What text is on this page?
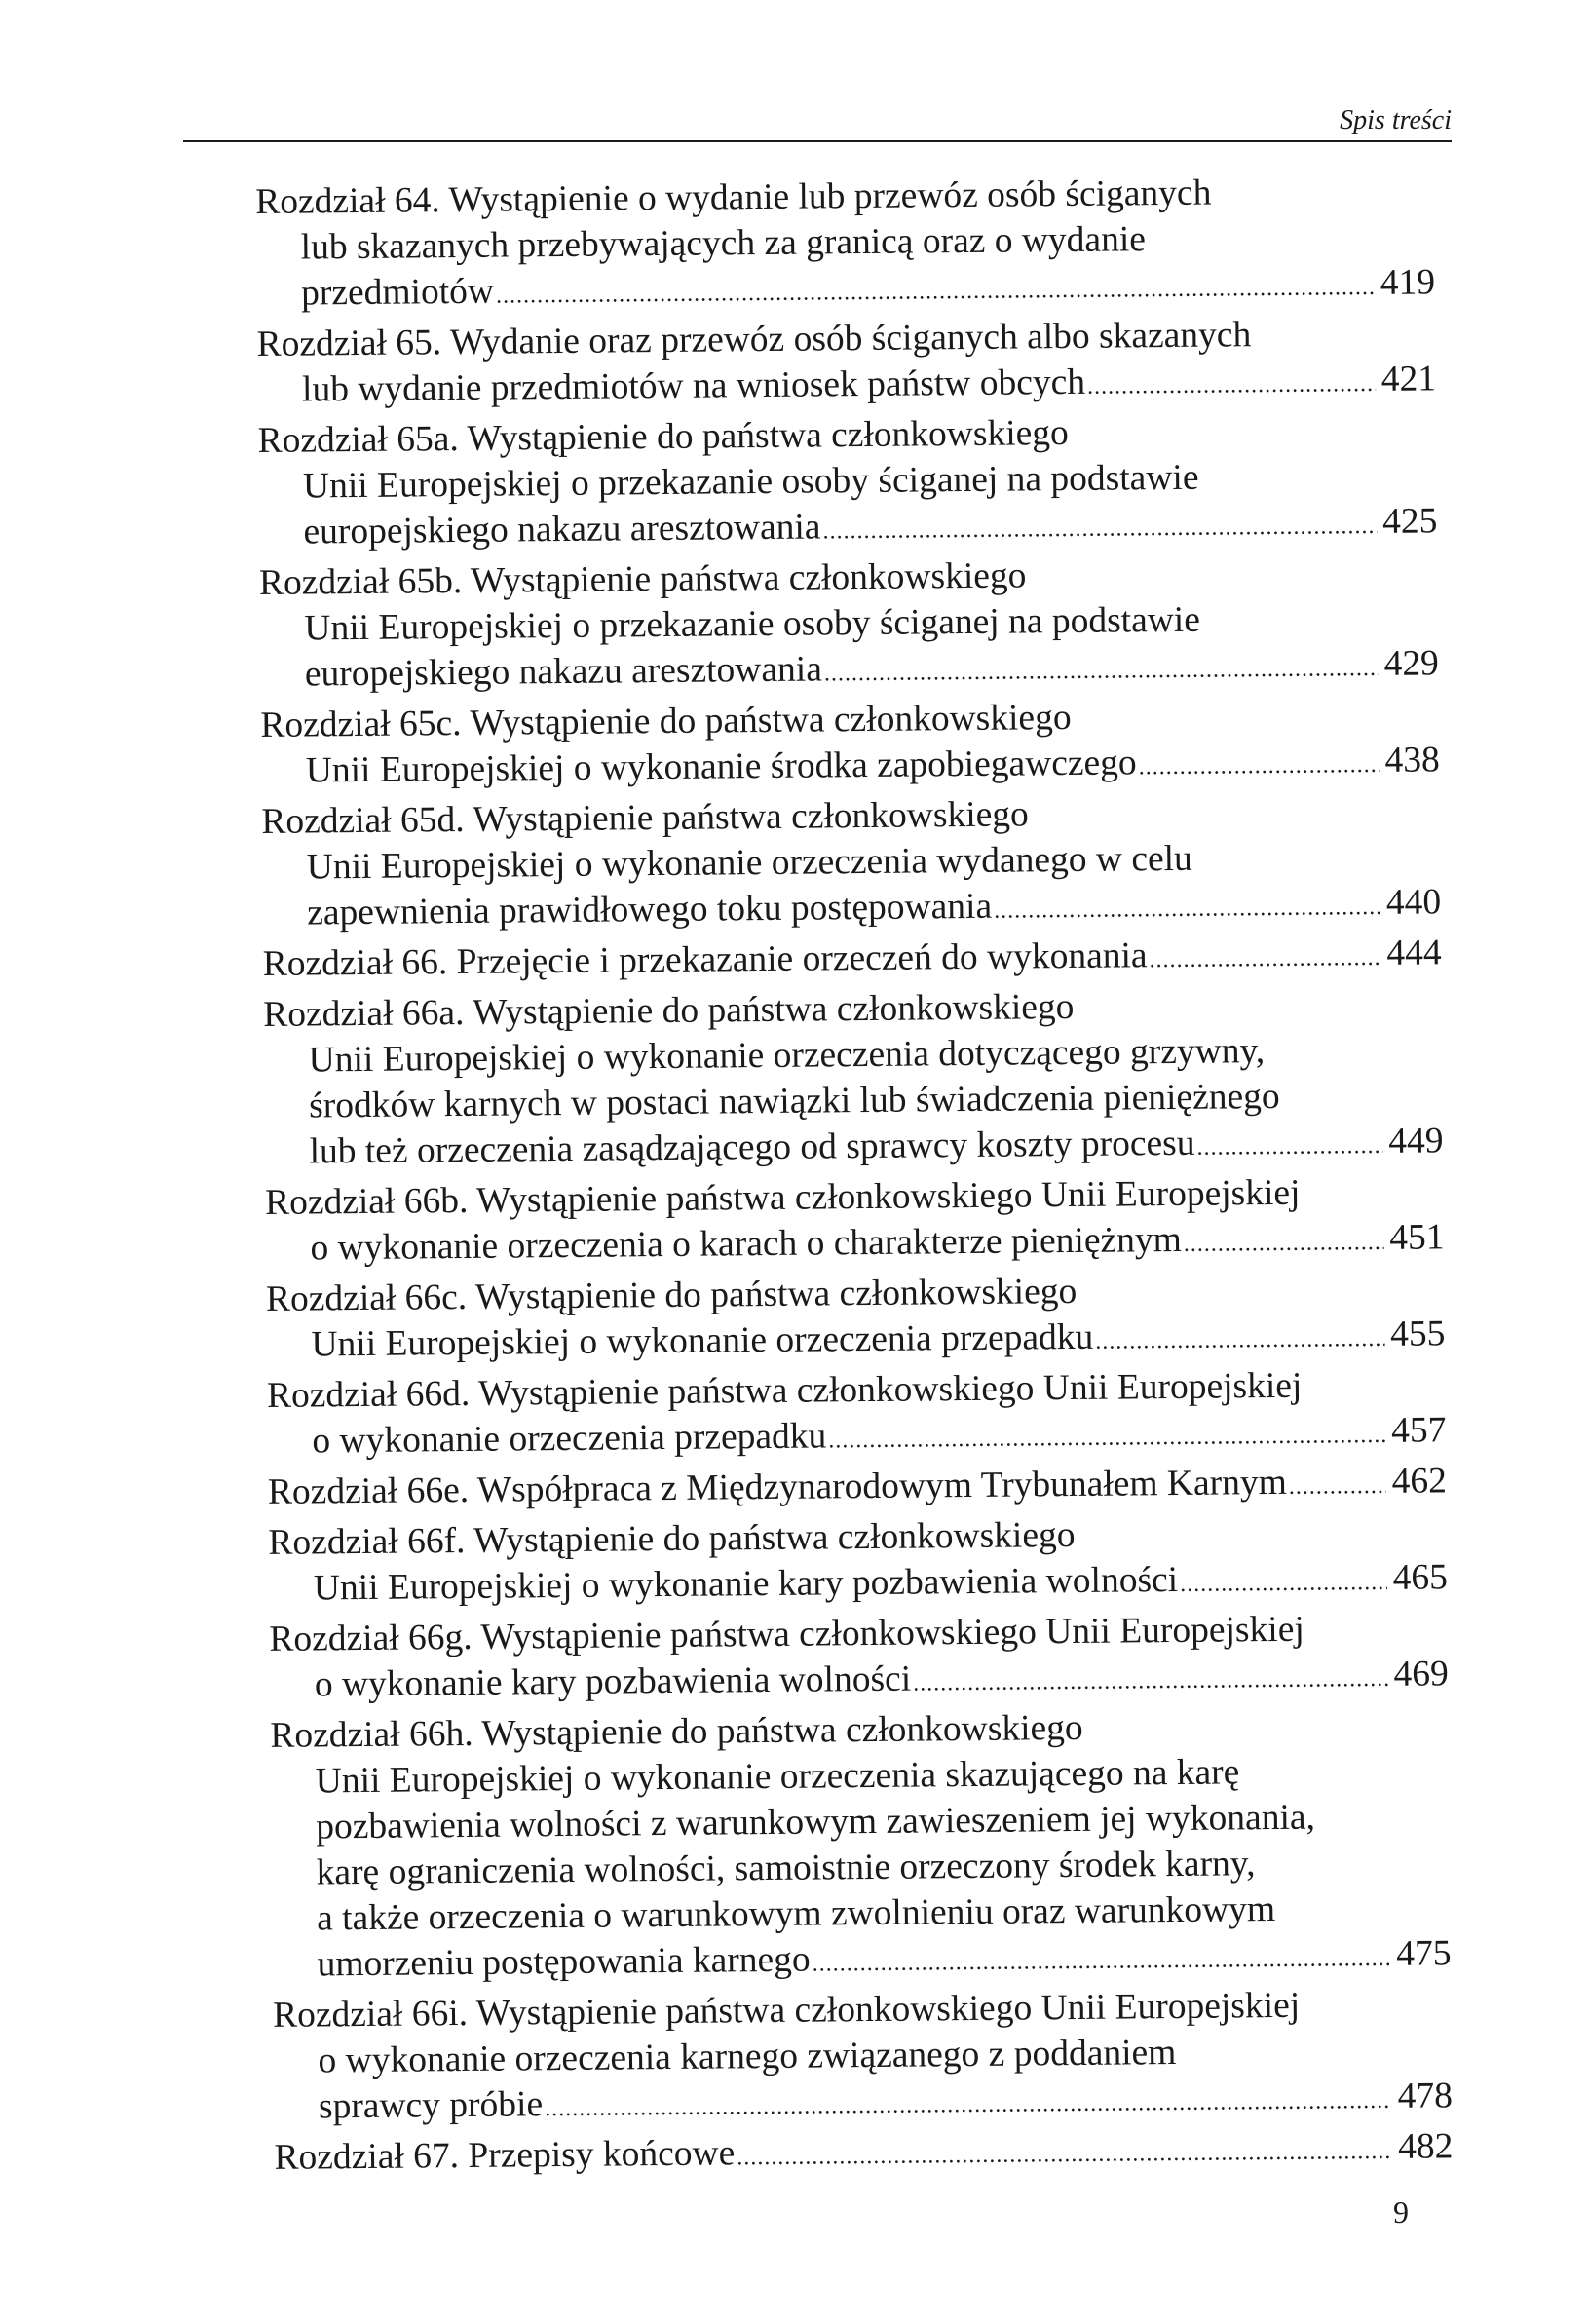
Spis treści
Rozdział 64. Wystąpienie o wydanie lub przewóz osób ściganych
lub skazanych przebywających za granicą oraz o wydanie
przedmiotów .....	419
Rozdział 65. Wydanie oraz przewóz osób ściganych albo skazanych
lub wydanie przedmiotów na wniosek państw obcych .....	421
Rozdział 65a. Wystąpienie do państwa członkowskiego
Unii Europejskiej o przekazanie osoby ściganej na podstawie
europejskiego nakazu aresztowania .....	425
Rozdział 65b. Wystąpienie państwa członkowskiego
Unii Europejskiej o przekazanie osoby ściganej na podstawie
europejskiego nakazu aresztowania .....	429
Rozdział 65c. Wystąpienie do państwa członkowskiego
Unii Europejskiej o wykonanie środka zapobiegawczego .....	438
Rozdział 65d. Wystąpienie państwa członkowskiego
Unii Europejskiej o wykonanie orzeczenia wydanego w celu
zapewnienia prawidłowego toku postępowania .....	440
Rozdział 66. Przejęcie i przekazanie orzeczeń do wykonania .....	444
Rozdział 66a. Wystąpienie do państwa członkowskiego
Unii Europejskiej o wykonanie orzeczenia dotyczącego grzywny,
środków karnych w postaci nawiązki lub świadczenia pieniężnego
lub też orzeczenia zasądzającego od sprawcy koszty procesu .....	449
Rozdział 66b. Wystąpienie państwa członkowskiego Unii Europejskiej
o wykonanie orzeczenia o karach o charakterze pieniężnym .....	451
Rozdział 66c. Wystąpienie do państwa członkowskiego
Unii Europejskiej o wykonanie orzeczenia przepadku .....	455
Rozdział 66d. Wystąpienie państwa członkowskiego Unii Europejskiej
o wykonanie orzeczenia przepadku .....	457
Rozdział 66e. Współpraca z Międzynarodowym Trybunałem Karnym .....	462
Rozdział 66f. Wystąpienie do państwa członkowskiego
Unii Europejskiej o wykonanie kary pozbawienia wolności .....	465
Rozdział 66g. Wystąpienie państwa członkowskiego Unii Europejskiej
o wykonanie kary pozbawienia wolności .....	469
Rozdział 66h. Wystąpienie do państwa członkowskiego
Unii Europejskiej o wykonanie orzeczenia skazującego na karę
pozbawienia wolności z warunkowym zawieszeniem jej wykonania,
karę ograniczenia wolności, samoistnie orzeczony środek karny,
a także orzeczenia o warunkowym zwolnieniu oraz warunkowym
umorzeniu postępowania karnego .....	475
Rozdział 66i. Wystąpienie państwa członkowskiego Unii Europejskiej
o wykonanie orzeczenia karnego związanego z poddaniem
sprawcy próbie .....	478
Rozdział 67. Przepisy końcowe .....	482
9
